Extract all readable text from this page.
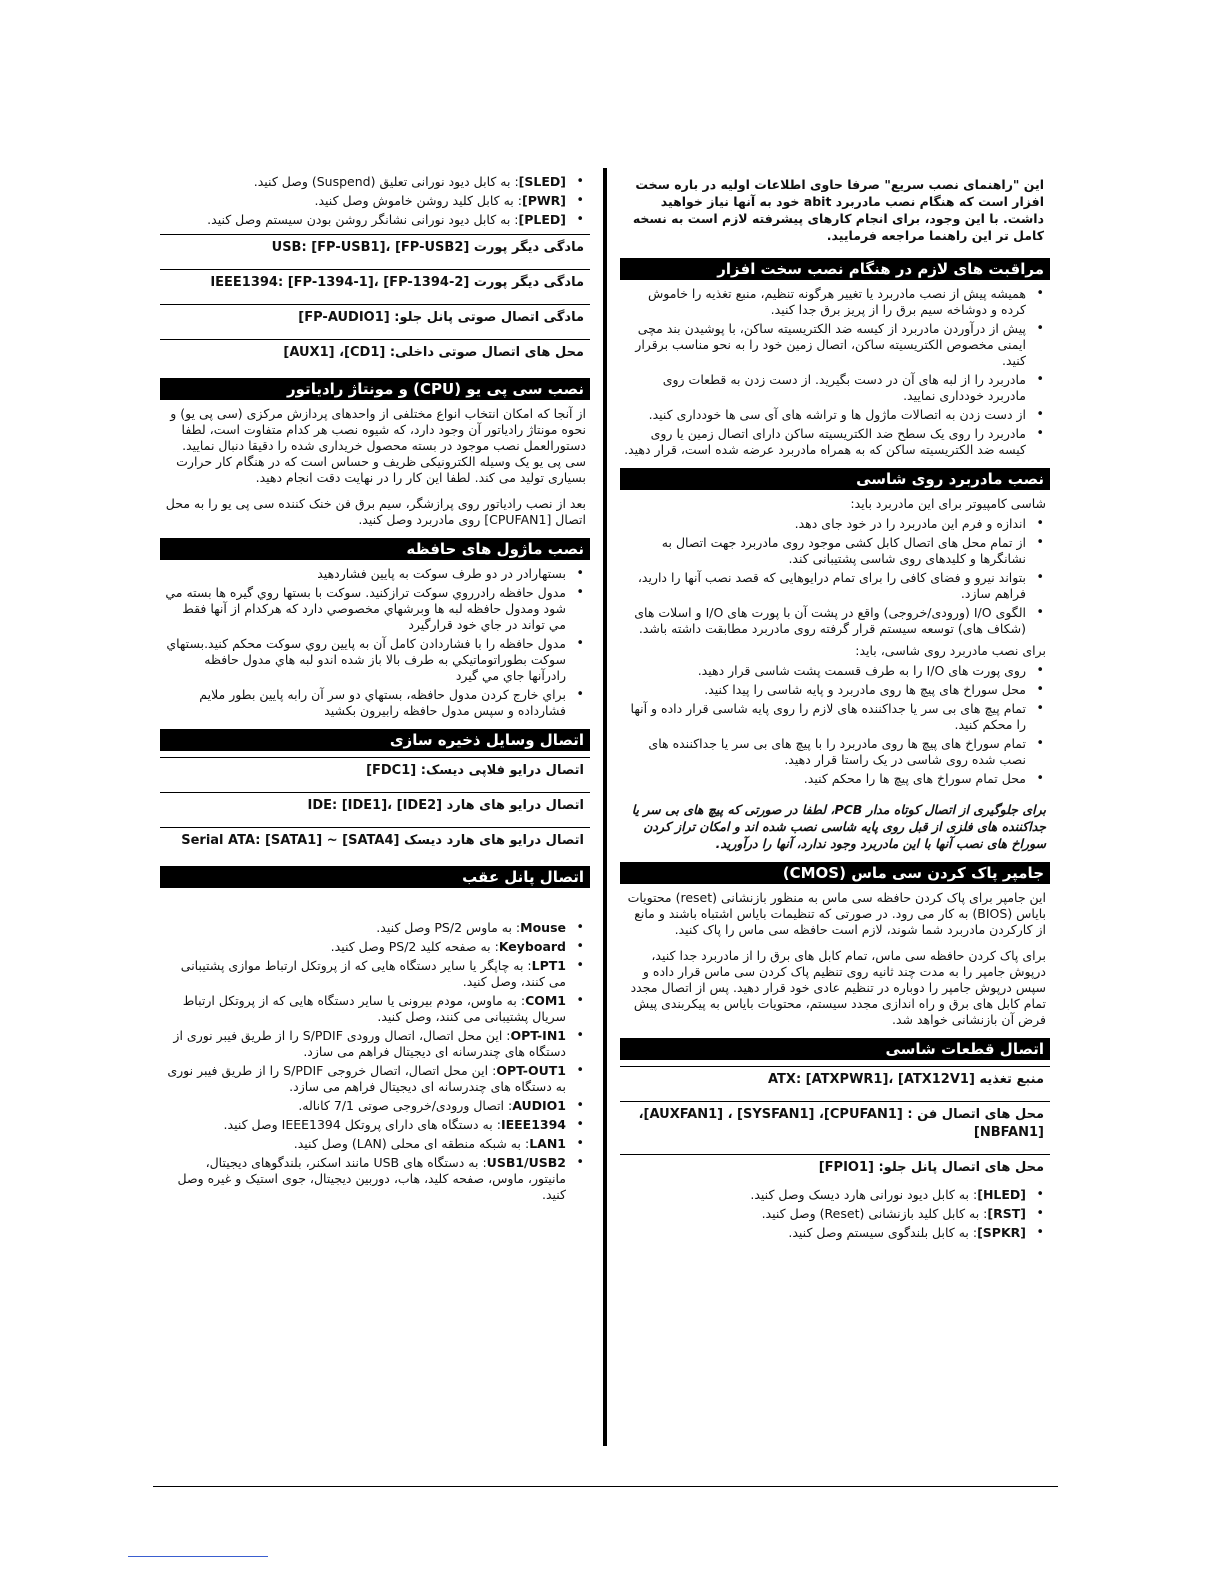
این "راهنمای نصب سریع" صرفا حاوی اطلاعات اولیه در باره سخت افزار است که هنگام نصب مادربرد abit خود به آنها نیاز خواهید داشت. با این وجود، برای انجام کارهای پیشرفته لازم است به نسخه کامل تر این راهنما مراجعه فرمایید.
مراقبت های لازم در هنگام نصب سخت افزار
• همیشه پیش از نصب مادربرد یا تغییر هرگونه تنظیم، منبع تغذیه را خاموش کرده و دوشاخه سیم برق را از پریز برق جدا کنید.
• پیش از درآوردن مادربرد از کیسه ضد الکتریسیته ساکن، با پوشیدن بند مچی ایمنی مخصوص الکتریسیته ساکن، اتصال زمین خود را به نحو مناسب برقرار کنید.
• مادربرد را از لبه های آن در دست بگیرید. از دست زدن به قطعات روی مادربرد خودداری نمایید.
• از دست زدن به اتصالات ماژول ها و تراشه های آی سی ها خودداری کنید.
• مادربرد را روی یک سطح ضد الکتریسیته ساکن دارای اتصال زمین یا روی کیسه ضد الکتریسیته ساکن که به همراه مادربرد عرضه شده است، قرار دهید.
نصب مادربرد روی شاسی
شاسی کامپیوتر برای این مادربرد باید:
• اندازه و فرم این مادربرد را در خود جای دهد.
• از تمام محل های اتصال کابل کشی موجود روی مادربرد جهت اتصال به نشانگرها و کلیدهای روی شاسی پشتیبانی کند.
• بتواند نیرو و فضای کافی را برای تمام درایوهایی که قصد نصب آنها را دارید، فراهم سازد.
• الگوی I/O (ورودی/خروجی) واقع در پشت آن با پورت های I/O و اسلات های (شکاف های) توسعه سیستم قرار گرفته روی مادربرد مطابقت داشته باشد.
برای نصب مادربرد روی شاسی، باید:
• روی پورت های I/O را به طرف قسمت پشت شاسی قرار دهید.
• محل سوراخ های پیچ ها روی مادربرد و پایه شاسی را پیدا کنید.
• تمام پیچ های بی سر یا جداکننده های لازم را روی پایه شاسی قرار داده و آنها را محکم کنید.
• تمام سوراخ های پیچ ها روی مادربرد را با پیچ های بی سر یا جداکننده های نصب شده روی شاسی در یک راستا قرار دهید.
• محل تمام سوراخ های پیچ ها را محکم کنید.
برای جلوگیری از اتصال کوتاه مدار PCB، لطفا در صورتی که پیچ های بی سر یا جداکننده های فلزی از قبل روی پایه شاسی نصب شده اند و امکان تراز کردن سوراخ های نصب آنها با این مادربرد وجود ندارد، آنها را درآورید.
جامپر پاک کردن سی ماس (CMOS)

این جامپر برای پاک کردن حافظه سی ماس به منظور بازنشانی (reset) محتویات بایاس (BIOS) به کار می رود. در صورتی که تنظیمات بایاس اشتباه باشند و مانع از کارکردن مادربرد شما شوند، لازم است حافظه سی ماس را پاک کنید.

برای پاک کردن حافظه سی ماس، تمام کابل های برق را از مادربرد جدا کنید، درپوش جامپر را به مدت چند ثانیه روی تنظیم پاک کردن سی ماس قرار داده و سپس درپوش جامپر را دوباره در تنظیم عادی خود قرار دهید. پس از اتصال مجدد تمام کابل های برق و راه اندازی مجدد سیستم، محتویات بایاس به پیکربندی پیش فرض آن بازنشانی خواهد شد.

اتصال قطعات شاسی
منبع تغذیه ATX: [ATXPWR1]، [ATX12V1]
محل های اتصال فن : [CPUFAN1]، [SYSFAN1] ، [AUXFAN1]، [NBFAN1]
محل های اتصال پانل جلو: [FPIO1]
• [HLED]: به کابل دیود نورانی هارد دیسک وصل کنید.
• [RST]: به کابل کلید بازنشانی (Reset) وصل کنید.
• [SPKR]: به کابل بلندگوی سیستم وصل کنید.
• [SLED]: به کابل دیود نورانی تعلیق (Suspend) وصل کنید.
• [PWR]: به کابل کلید روشن خاموش وصل کنید.
• [PLED]: به کابل دیود نورانی نشانگر روشن بودن سیستم وصل کنید.
مادگی دیگر پورت USB: [FP-USB1]، [FP-USB2]
مادگی دیگر پورت IEEE1394: [FP-1394-1]، [FP-1394-2]
مادگی اتصال صوتی پانل جلو: [FP-AUDIO1]
محل های اتصال صوتی داخلی: [CD1]، [AUX1]
نصب سی پی یو (CPU) و مونتاژ رادیاتور

از آنجا که امکان انتخاب انواع مختلفی از واحدهای پردازش مرکزی (سی پی یو) و نحوه مونتاژ رادیاتور آن وجود دارد، که شیوه نصب هر کدام متفاوت است، لطفا دستورالعمل نصب موجود در بسته محصول خریداری شده را دقیقا دنبال نمایید. سی پی یو یک وسیله الکترونیکی ظریف و حساس است که در هنگام کار حرارت بسیاری تولید می کند. لطفا این کار را در نهایت دقت انجام دهید.

بعد از نصب رادیاتور روی پرازشگر، سیم برق فن خنک کننده سی پی یو را به محل اتصال [CPUFAN1] روی مادربرد وصل کنید.

نصب ماژول های حافظه
• بستهارادر در دو طرف سوکت به پایین فشاردهید
• مدول حافظه رادرروي سوکت ترازکنيد. سوکت با بستها روي گيره ها بسته مي شود ومدول حافظه لبه ها وبرشهاي مخصوصي دارد که هرکدام از آنها فقط مي تواند در جاي خود قرارگيرد
• مدول حافظه را با فشاردادن کامل آن به پایین روي سوکت محکم کنيد.بستهاي سوکت بطوراتوماتيکي به طرف بالا باز شده اندو لبه هاي مدول حافظه رادرآنها جاي مي گيرد
• براي خارج کردن مدول حافظه، بستهاي دو سر آن رابه پایين بطور ملايم فشارداده و سپس مدول حافظه رابيرون بکشيد
اتصال وسایل ذخیره سازی
اتصال درایو فلاپی دیسک: [FDC1]
اتصال درایو های هارد IDE: [IDE1]، [IDE2]
اتصال درایو های هارد دیسک Serial ATA: [SATA1] ~ [SATA4]
اتصال پانل عقب
• Mouse: به ماوس PS/2 وصل کنید.
• Keyboard: به صفحه کلید PS/2 وصل کنید.
• LPT1: به چاپگر یا سایر دستگاه هایی که از پروتکل ارتباط موازی پشتیبانی می کنند، وصل کنید.
• COM1: به ماوس، مودم بیرونی یا سایر دستگاه هایی که از پروتکل ارتباط سریال پشتیبانی می کنند، وصل کنید.
• OPT-IN1: این محل اتصال، اتصال ورودی S/PDIF را از طریق فیبر نوری از دستگاه های چندرسانه ای دیجیتال فراهم می سازد.
• OPT-OUT1: این محل اتصال، اتصال خروجی S/PDIF را از طریق فیبر نوری به دستگاه های چندرسانه ای دیجیتال فراهم می سازد.
• AUDIO1: اتصال ورودی/خروجی صوتی 7/1 کاناله.
• IEEE1394: به دستگاه های دارای پروتکل IEEE1394 وصل کنید.
• LAN1: به شبکه منطقه ای محلی (LAN) وصل کنید.
• USB1/USB2: به دستگاه های USB مانند اسکنر، بلندگوهای دیجیتال، مانیتور، ماوس، صفحه کلید، هاب، دوربین دیجیتال، جوی استیک و غیره وصل کنید.
